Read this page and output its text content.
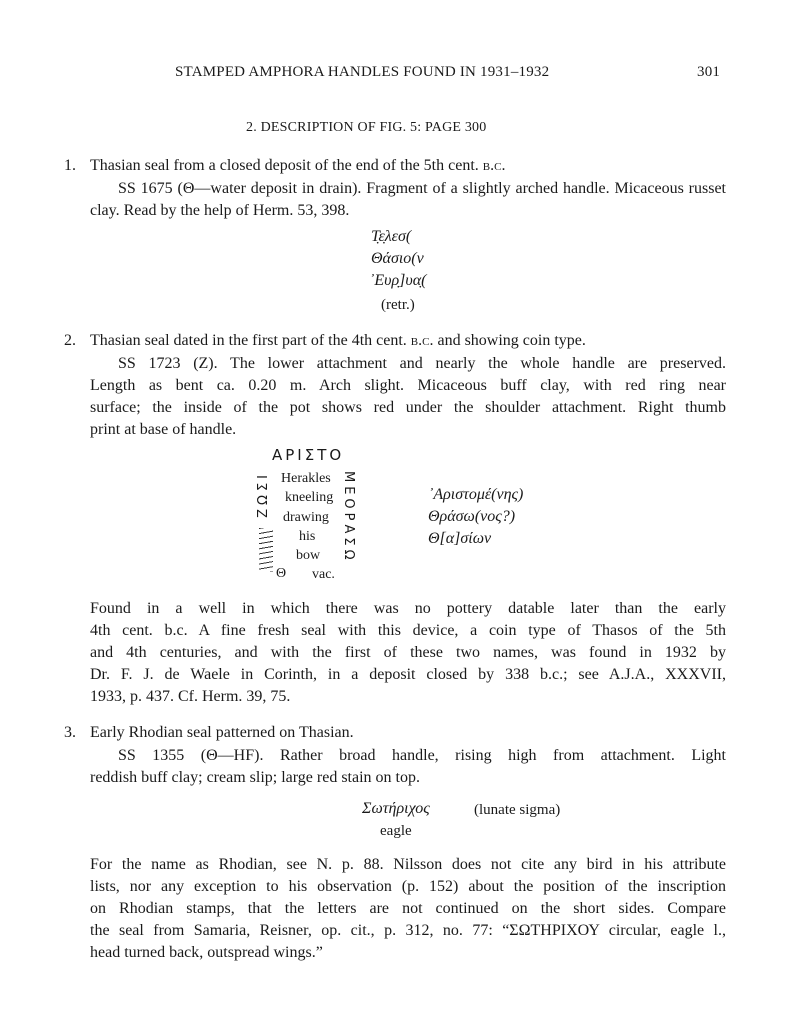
STAMPED AMPHORA HANDLES FOUND IN 1931–1932	301
2. DESCRIPTION OF FIG. 5: PAGE 300
1. Thasian seal from a closed deposit of the end of the 5th cent. b.c.
SS 1675 (Θ—water deposit in drain). Fragment of a slightly arched handle. Micaceous russet clay. Read by the help of Herm. 53, 398.
Τ̣ε̣λεσ(
Θάσιο(ν
᾽Ευρ̣]υα̣(
(retr.)
2. Thasian seal dated in the first part of the 4th cent. b.c. and showing coin type.
SS 1723 (Ζ). The lower attachment and nearly the whole handle are preserved.
Length as bent ca. 0.20 m. Arch slight. Micaceous buff clay, with red ring near
surface; the inside of the pot shows red under the shoulder attachment. Right thumb
print at base of handle.
ΑΡΙΣΤΟ
ΖΩΣΙ	ΜΕΟΡΑΣΩ
Θ
Herakles
kneeling
drawing
his
bow
vac.
᾽Αριστομέ(νης)
Θράσω(νος?)
Θ[α]σίων
Found in a well in which there was no pottery datable later than the early
4th cent. b.c. A fine fresh seal with this device, a coin type of Thasos of the 5th
and 4th centuries, and with the first of these two names, was found in 1932 by
Dr. F. J. de Waele in Corinth, in a deposit closed by 338 b.c.; see A.J.A., XXXVII,
1933, p. 437. Cf. Herm. 39, 75.
3. Early Rhodian seal patterned on Thasian.
SS 1355 (Θ—HF). Rather broad handle, rising high from attachment. Light
reddish buff clay; cream slip; large red stain on top.
Σωτήριχος	(lunate sigma)
eagle
For the name as Rhodian, see N. p. 88. Nilsson does not cite any bird in his attribute
lists, nor any exception to his observation (p. 152) about the position of the inscription
on Rhodian stamps, that the letters are not continued on the short sides. Compare
the seal from Samaria, Reisner, op. cit., p. 312, no. 77: “ΣΩΤΗΡΙΧΟΥ circular, eagle l.,
head turned back, outspread wings.”
